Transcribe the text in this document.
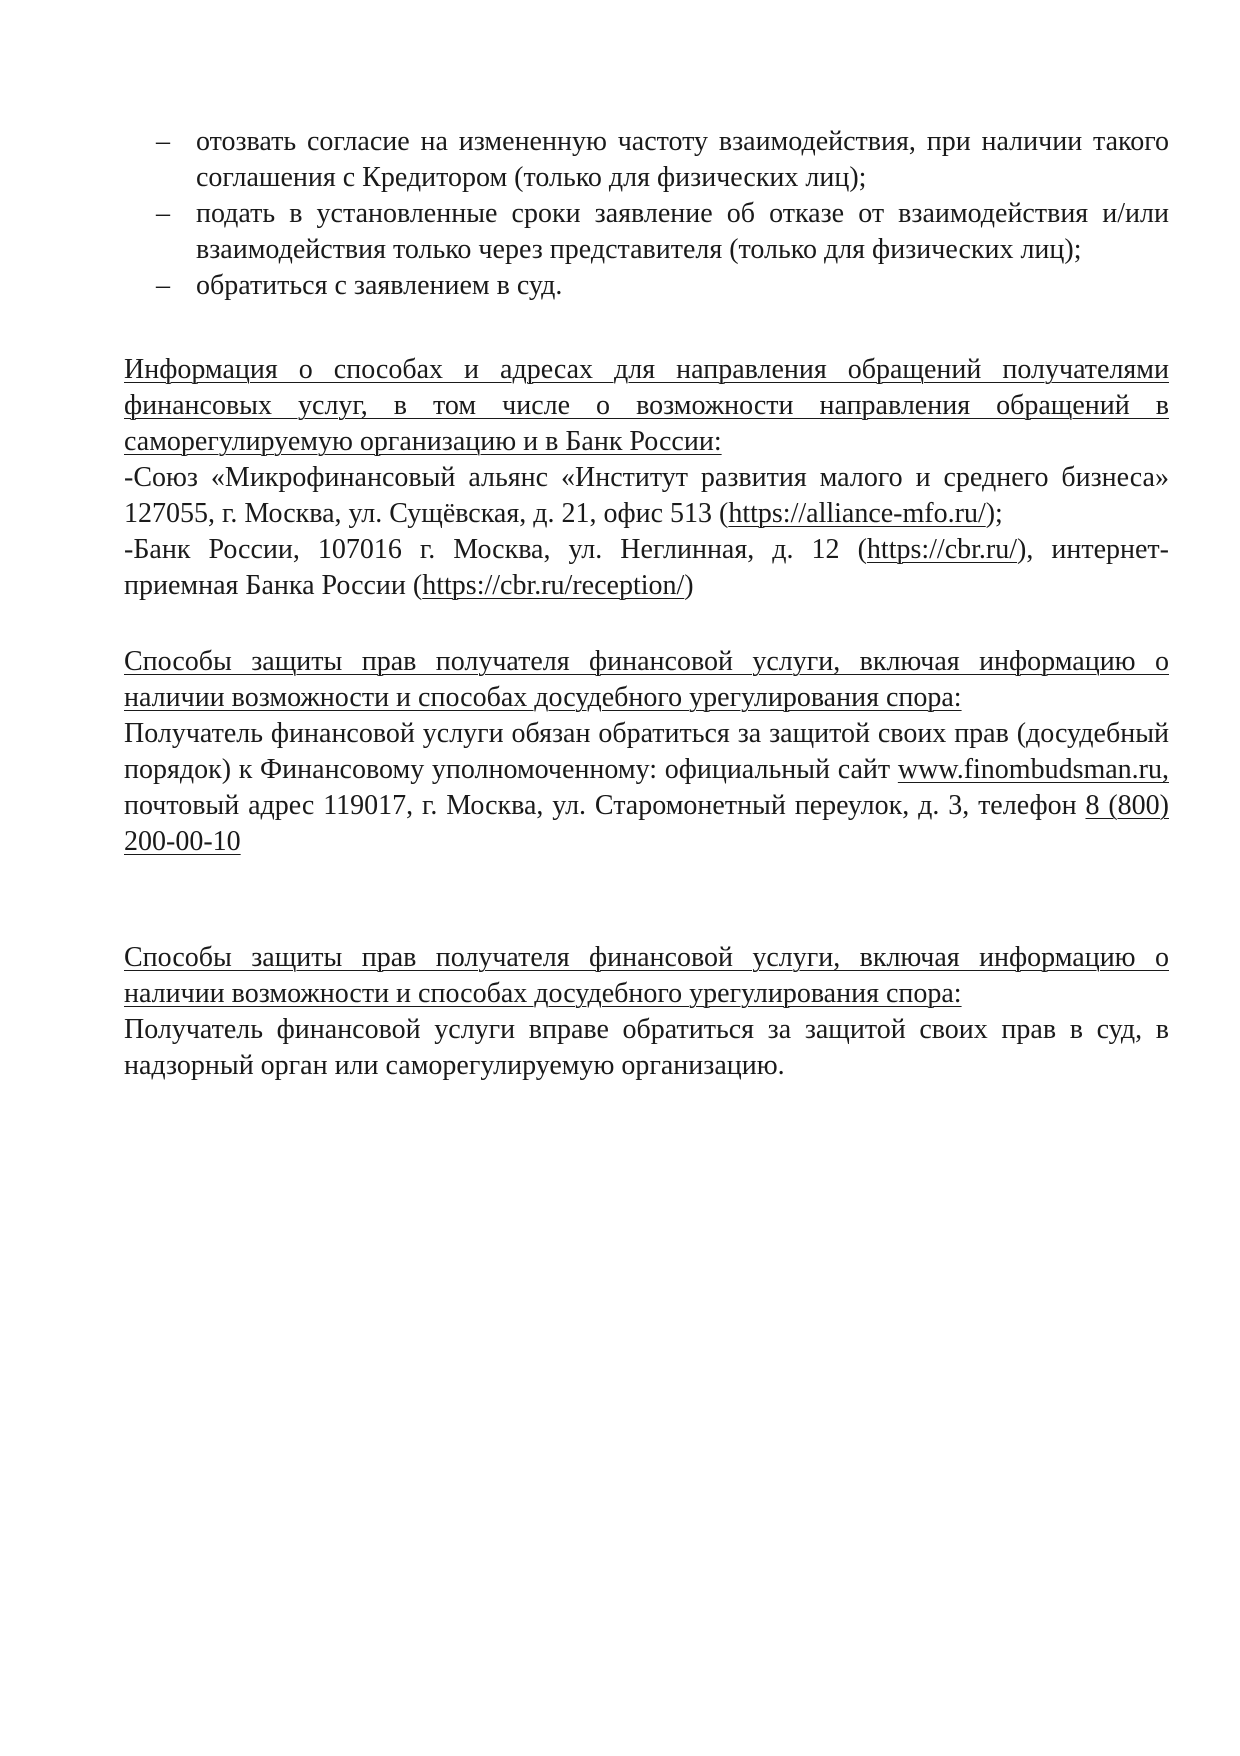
– отозвать согласие на измененную частоту взаимодействия, при наличии такого соглашения с Кредитором (только для физических лиц);
– подать в установленные сроки заявление об отказе от взаимодействия и/или взаимодействия только через представителя (только для физических лиц);
– обратиться с заявлением в суд.

Информация о способах и адресах для направления обращений получателями финансовых услуг, в том числе о возможности направления обращений в саморегулируемую организацию и в Банк России:

-Союз «Микрофинансовый альянс «Институт развития малого и среднего бизнеса» 127055, г. Москва, ул. Сущёвская, д. 21, офис 513 (https://alliance-mfo.ru/);

-Банк России, 107016 г. Москва, ул. Неглинная, д. 12 (https://cbr.ru/), интернет-приемная Банка России (https://cbr.ru/reception/)

Способы защиты прав получателя финансовой услуги, включая информацию о наличии возможности и способах досудебного урегулирования спора:

Получатель финансовой услуги обязан обратиться за защитой своих прав (досудебный порядок) к Финансовому уполномоченному: официальный сайт www.finombudsman.ru, почтовый адрес 119017, г. Москва, ул. Старомонетный переулок, д. 3, телефон 8 (800) 200-00-10

Способы защиты прав получателя финансовой услуги, включая информацию о наличии возможности и способах досудебного урегулирования спора:

Получатель финансовой услуги вправе обратиться за защитой своих прав в суд, в надзорный орган или саморегулируемую организацию.
